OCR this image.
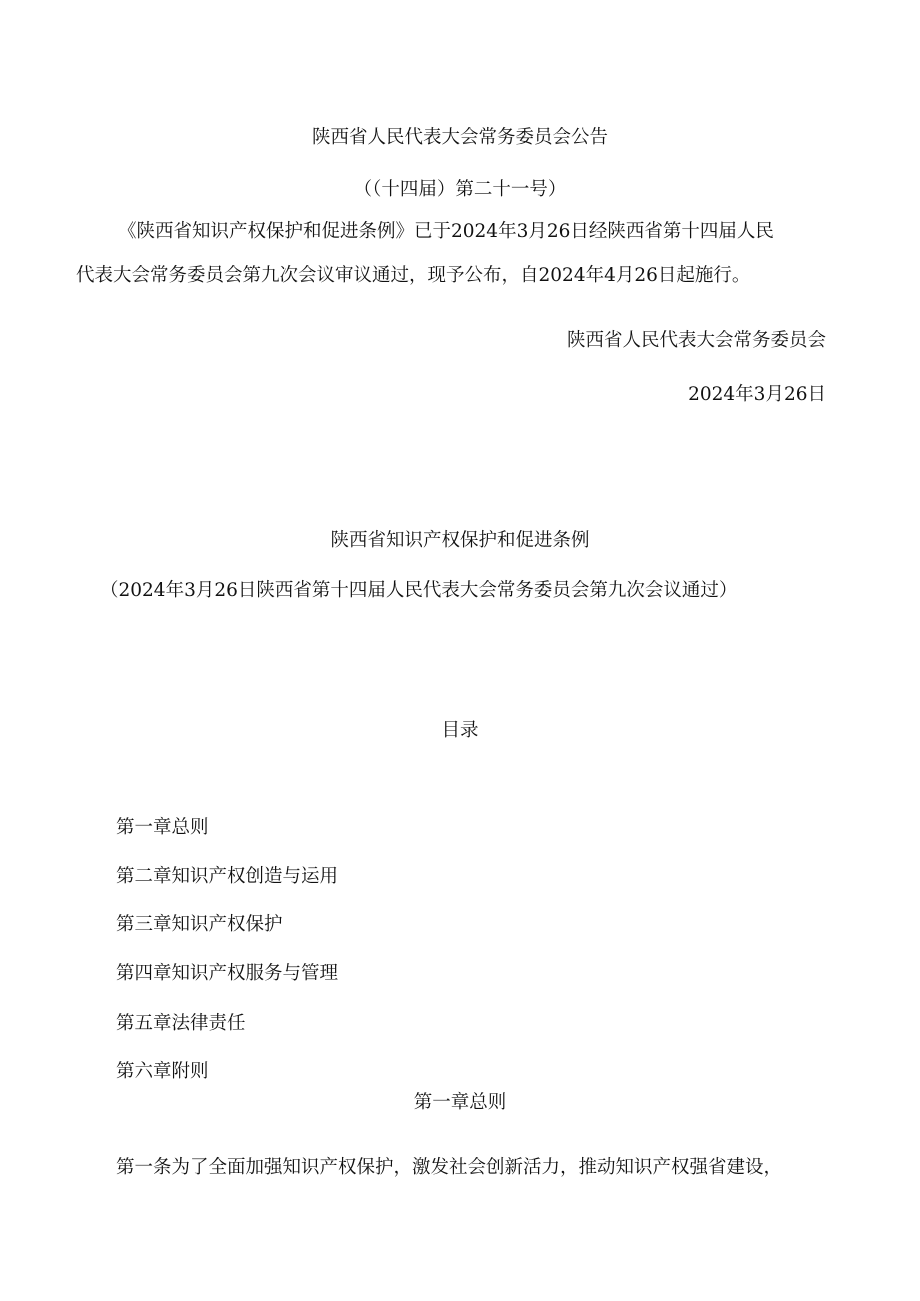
陕西省人民代表大会常务委员会公告
（（十四届）第二十一号）
《陕西省知识产权保护和促进条例》已于2024年3月26日经陕西省第十四届人民
代表大会常务委员会第九次会议审议通过，现予公布，自2024年4月26日起施行。
陕西省人民代表大会常务委员会
2024年3月26日
陕西省知识产权保护和促进条例
（2024年3月26日陕西省第十四届人民代表大会常务委员会第九次会议通过）
目录
第一章总则
第二章知识产权创造与运用
第三章知识产权保护
第四章知识产权服务与管理
第五章法律责任
第六章附则
第一章总则
第一条为了全面加强知识产权保护，激发社会创新活力，推动知识产权强省建设，
